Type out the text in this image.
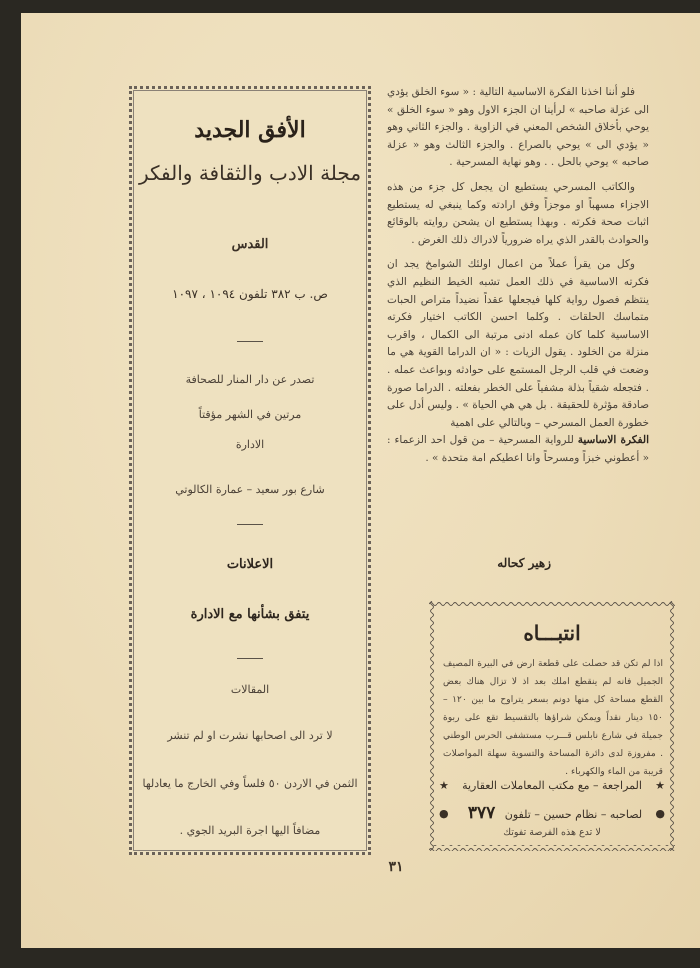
الأفق الجديد
مجلة الادب والثقافة والفكر
القدس
ص. ب ٣٨٢ تلفون ١٠٩٤ ، ١٠٩٧
تصدر عن دار المنار للصحافة
مرتين في الشهر مؤقتاً
الادارة
شارع بور سعيد – عمارة الكالوتي
الاعلانات
يتفق بشأنها مع الادارة
المقالات
لا ترد الى اصحابها نشرت او لم تنشر
الثمن في الاردن ٥٠ فلساً وفي الخارج ما يعادلها
مضافاً اليها اجرة البريد الجوي .

فلو أننا اخذنا الفكرة الاساسية التالية : « سوء الخلق يؤدي الى عزلة صاحبه » لرأينا ان الجزء الاول وهو « سوء الخلق » يوحي بأخلاق الشخص المعني في الزاوية . والجزء الثاني وهو « يؤدي الى » يوحي بالصراع . والجزء الثالث وهو « عزلة صاحبه » يوحي بالحل . . وهو نهاية المسرحية .

والكاتب المسرحي يستطيع ان يجعل كل جزء من هذه الاجزاء مسهباً او موجزاً وفق ارادته وكما ينبغي له يستطيع اثبات صحة فكرته . وبهذا يستطيع ان يشحن روايته بالوقائع والحوادث بالقدر الذي يراه ضرورياً لادراك ذلك الغرض .

وكل من يقرأ عملاً من اعمال اولئك الشوامخ يجد ان فكرته الاساسية في ذلك العمل تشبه الخيط النظيم الذي ينتظم فصول رواية كلها فيجعلها عقداً نضيداً متراص الحبات متماسك الحلقات . وكلما احسن الكاتب اختيار فكرته الاساسية كلما كان عمله ادنى مرتبة الى الكمال ، واقرب منزلة من الخلود . يقول الزيات : « ان الدراما القوية هي ما وضعت في قلب الرجل المستمع على حوادثه وبواعث عمله . . فتجعله شقياً بذلة مشفياً على الخطر بفعلته . الدراما صورة صادقة مؤثرة للحقيقة . بل هي هي الحياة » . وليس أدل على خطورة العمل المسرحي – وبالتالي على اهمية

الفكرة الاساسية للرواية المسرحية – من قول احد الزعماء : « أعطوني خبزاً ومسرحاً وانا اعطيكم امة متحدة » .

زهير كحاله
انتبـــاه
اذا لم تكن قد حصلت على قطعة ارض في البيرة المصيف الجميل فانه لم ينقطع املك بعد اذ لا تزال هناك بعض القطع مساحة كل منها دونم بسعر يتراوح ما بين ١٢٠ – ١٥٠ دينار نقداً ويمكن شراؤها بالتقسيط تقع على ربوة جميلة في شارع نابلس قـــرب مستشفى الحرس الوطني . مفروزة لدى دائرة المساحة والتسوية سهلة المواصلات قريبة من الماء والكهرباء .
★
المراجعة – مع مكتب المعاملات العقارية
★
●
لصاحبه – نظام حسين – تلفون ٣٧٧
●
لا تدع هذه الفرصة تفوتك
٣١
